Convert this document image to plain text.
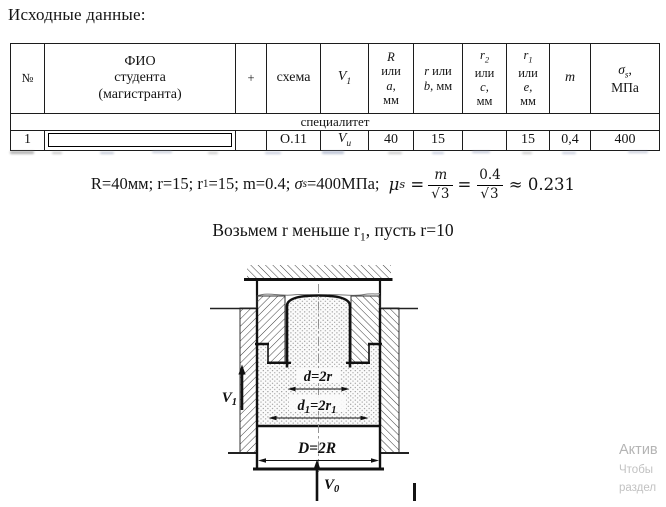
Исходные данные:
№	ФИО
студента
(магистранта)	+	схема	$V_1$	R
или
a,
мм	r или
b, мм	$r_2$
или
c,
мм	$r_1$
или
e,
мм	m	$\sigma_s$,
МПа

специалитет										
1			О.11	$V_и$	40	15		15	0,4	400
R=40мм; r=15; r 1 =15; m=0.4; σ s =400МПа; μ s
= $\frac{m}{√3} = \frac{0.4}{√3} \approx 0.231$
Возьмем r меньше $r_1$, пусть r=10
d=2r
$d_1=2r_1$
D=2R
$V_1$
$V_0$
Актив
Чтобы
раздел
